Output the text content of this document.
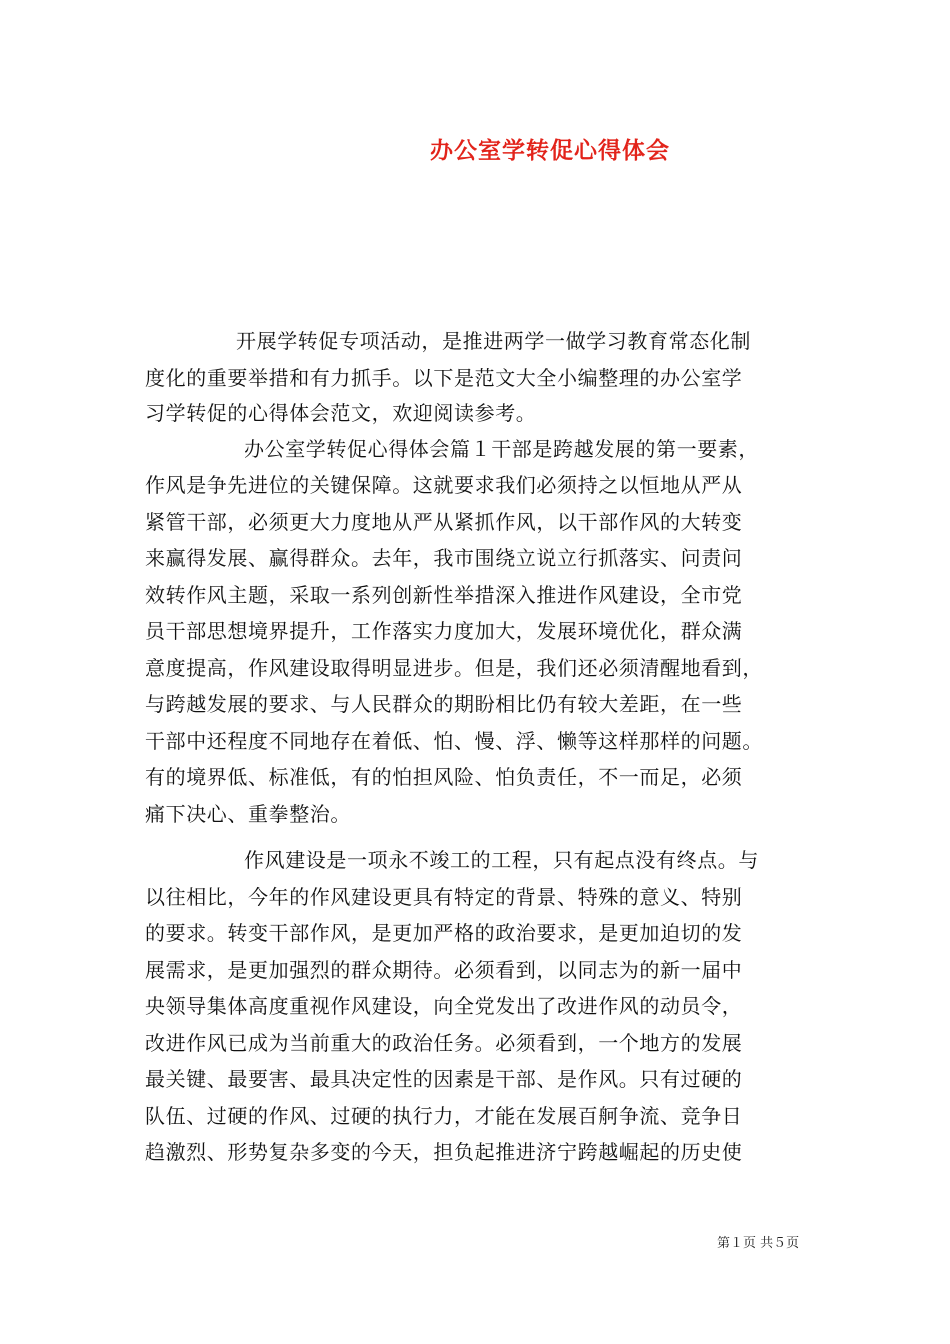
办公室学转促心得体会
开展学转促专项活动，是推进两学一做学习教育常态化制
度化的重要举措和有力抓手。以下是范文大全小编整理的办公室学
习学转促的心得体会范文，欢迎阅读参考。
办公室学转促心得体会篇１干部是跨越发展的第一要素，
作风是争先进位的关键保障。这就要求我们必须持之以恒地从严从
紧管干部，必须更大力度地从严从紧抓作风，以干部作风的大转变
来赢得发展、赢得群众。去年，我市围绕立说立行抓落实、问责问
效转作风主题，采取一系列创新性举措深入推进作风建设，全市党
员干部思想境界提升，工作落实力度加大，发展环境优化，群众满
意度提高，作风建设取得明显进步。但是，我们还必须清醒地看到，
与跨越发展的要求、与人民群众的期盼相比仍有较大差距，在一些
干部中还程度不同地存在着低、怕、慢、浮、懒等这样那样的问题。
有的境界低、标准低，有的怕担风险、怕负责任，不一而足，必须
痛下决心、重拳整治。
作风建设是一项永不竣工的工程，只有起点没有终点。与
以往相比，今年的作风建设更具有特定的背景、特殊的意义、特别
的要求。转变干部作风，是更加严格的政治要求，是更加迫切的发
展需求，是更加强烈的群众期待。必须看到，以同志为的新一届中
央领导集体高度重视作风建设，向全党发出了改进作风的动员令，
改进作风已成为当前重大的政治任务。必须看到，一个地方的发展
最关键、最要害、最具决定性的因素是干部、是作风。只有过硬的
队伍、过硬的作风、过硬的执行力，才能在发展百舸争流、竞争日
趋激烈、形势复杂多变的今天，担负起推进济宁跨越崛起的历史使
第１页 共５页
